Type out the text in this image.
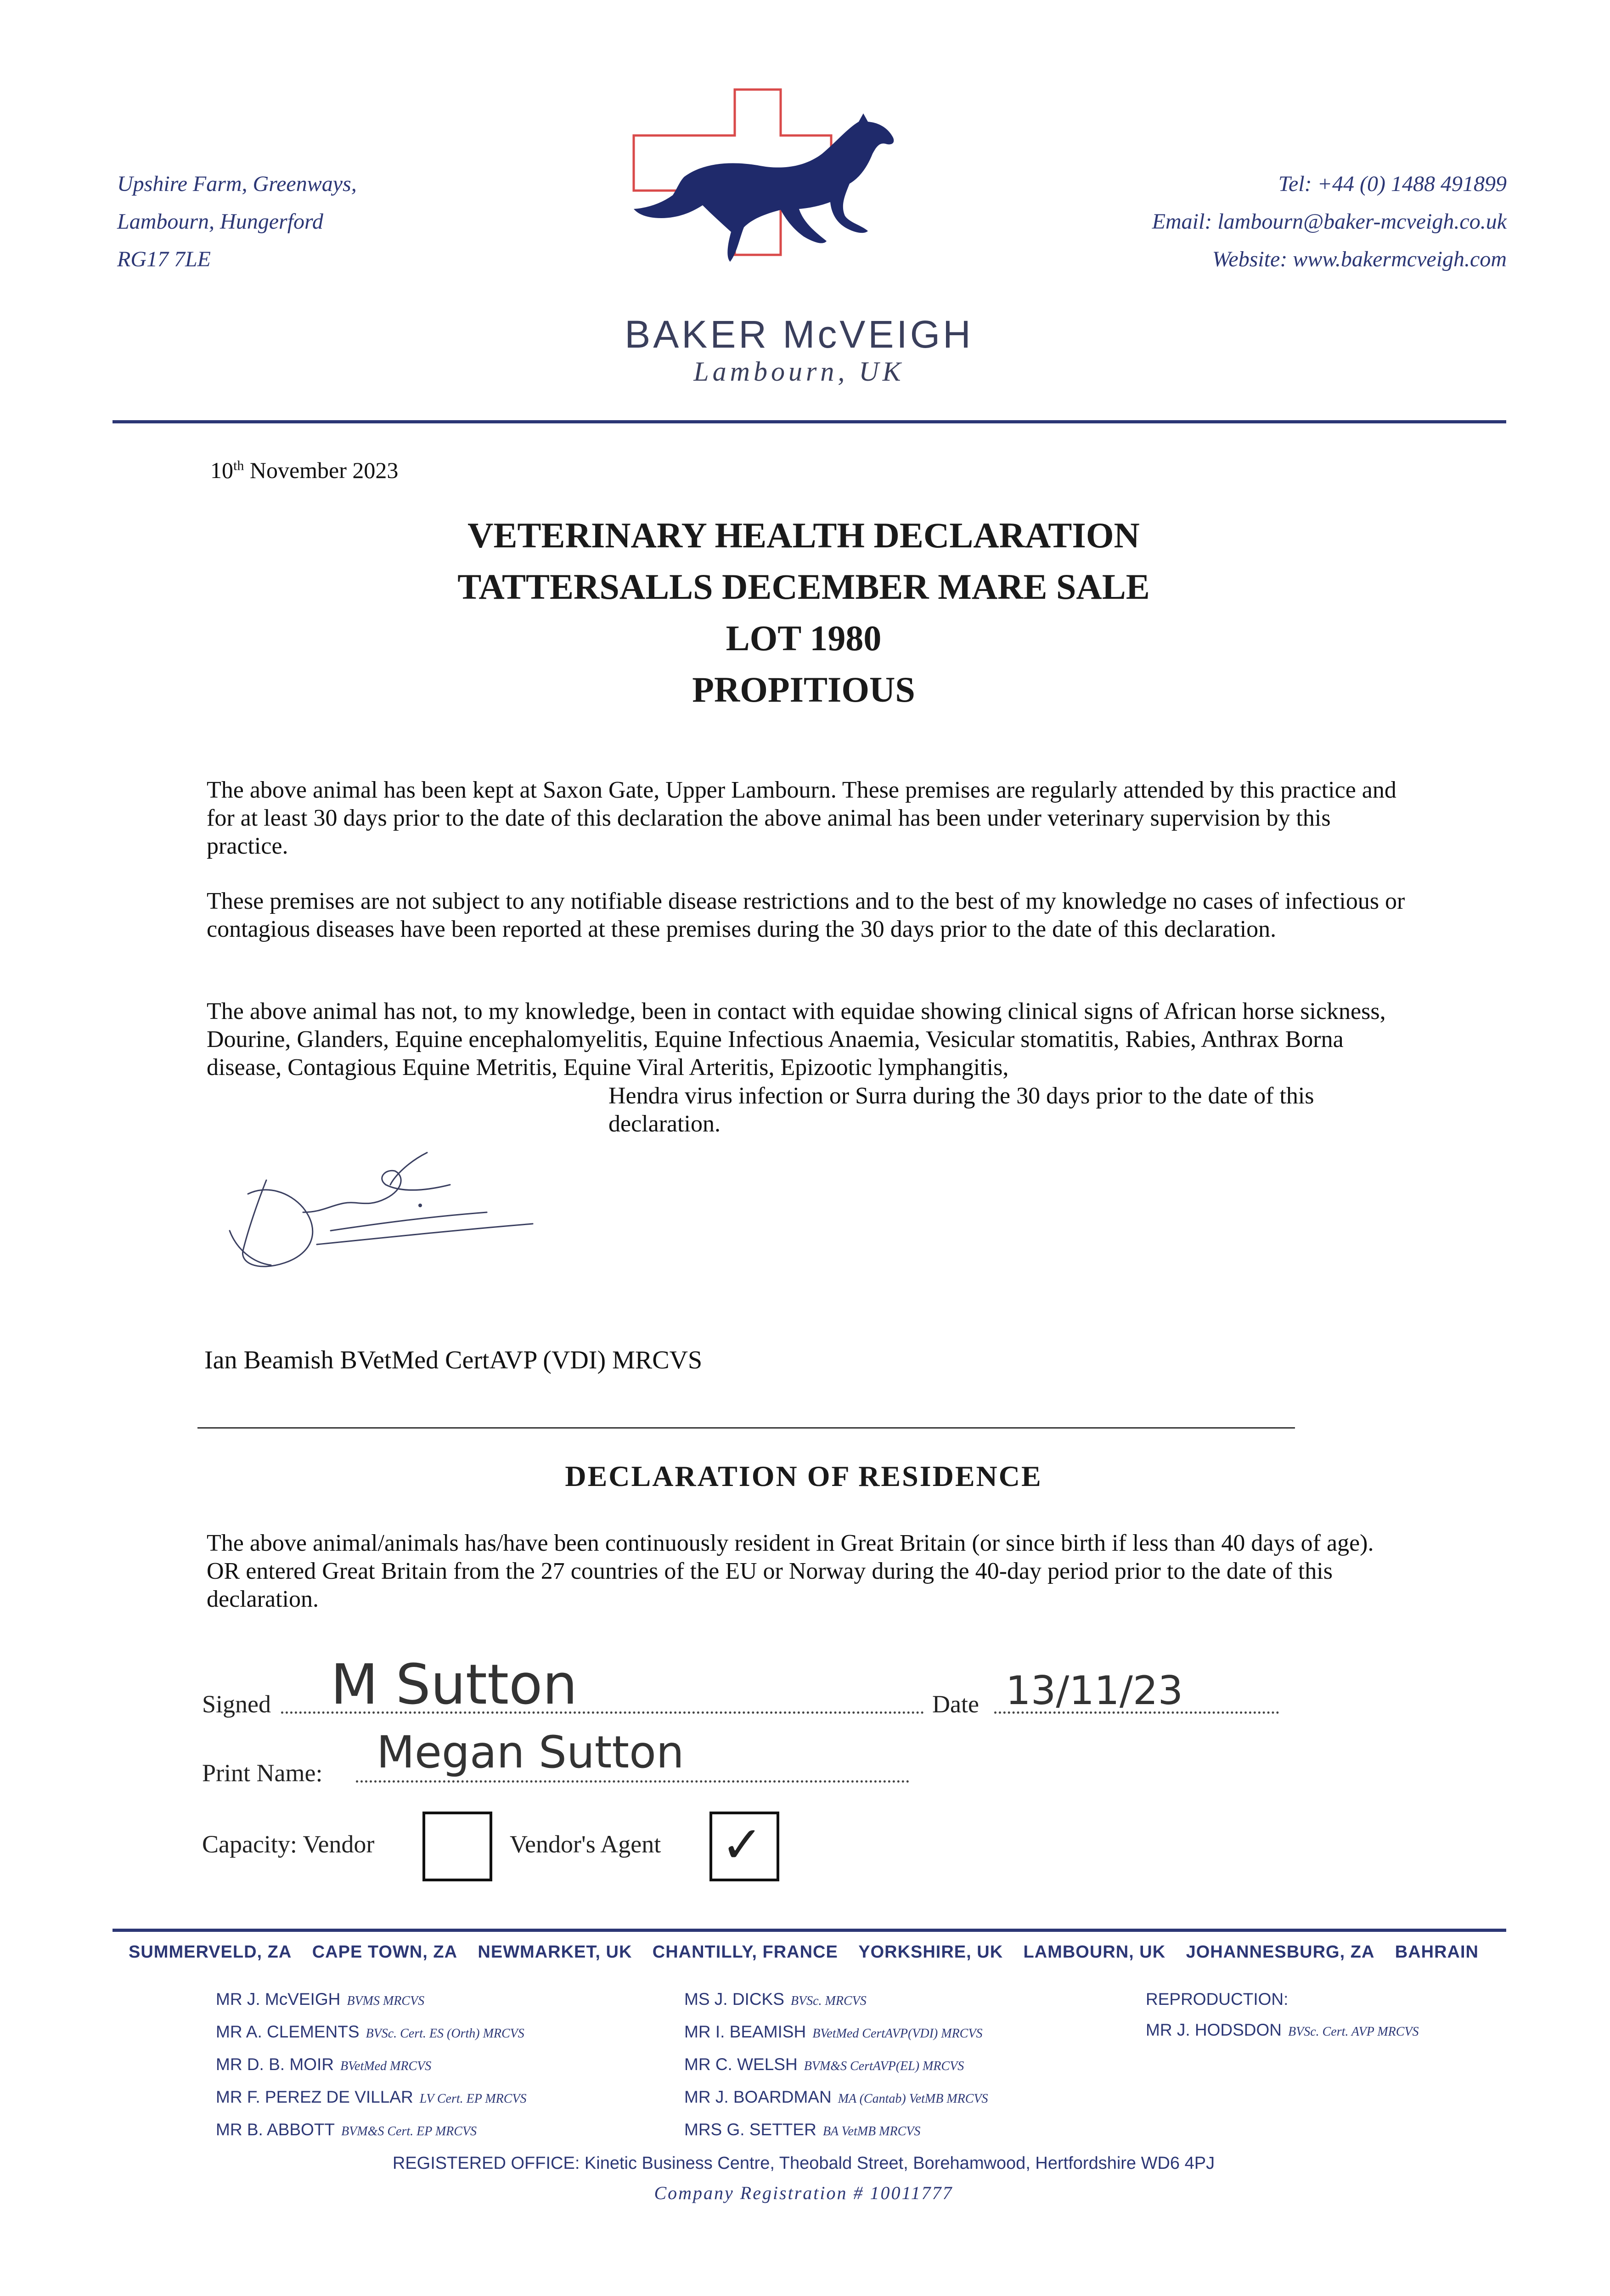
Upshire Farm, Greenways,
Lambourn, Hungerford
RG17 7LE
BAKER McVEIGH
Lambourn, UK
Tel: +44 (0) 1488 491899
Email: lambourn@baker-mcveigh.co.uk
Website: www.bakermcveigh.com
10th November 2023
VETERINARY HEALTH DECLARATION
TATTERSALLS DECEMBER MARE SALE
LOT 1980
PROPITIOUS

The above animal has been kept at Saxon Gate, Upper Lambourn. These premises are regularly attended by this practice and for at least 30 days prior to the date of this declaration the above animal has been under veterinary supervision by this practice.

These premises are not subject to any notifiable disease restrictions and to the best of my knowledge no cases of infectious or contagious diseases have been reported at these premises during the 30 days prior to the date of this declaration.

The above animal has not, to my knowledge, been in contact with equidae showing clinical signs of African horse sickness, Dourine, Glanders, Equine encephalomyelitis, Equine Infectious Anaemia, Vesicular stomatitis, Rabies, Anthrax Borna disease, Contagious Equine Metritis, Equine Viral Arteritis, Epizootic lymphangitis,

Hendra virus infection or Surra during the 30 days prior to the date of this declaration.

Ian Beamish BVetMed CertAVP (VDI) MRCVS
DECLARATION OF RESIDENCE

The above animal/animals has/have been continuously resident in Great Britain (or since birth if less than 40 days of age). OR entered Great Britain from the 27 countries of the EU or Norway during the 40-day period prior to the date of this declaration.

Signed M Sutton	Date 13/11/23
Print Name: Megan Sutton
Capacity: Vendor	Vendor's Agent ✓
SUMMERVELD, ZA CAPE TOWN, ZA NEWMARKET, UK CHANTILLY, FRANCE YORKSHIRE, UK LAMBOURN, UK JOHANNESBURG, ZA BAHRAIN
MR J. McVEIGH BVMS MRCVS
MR A. CLEMENTS BVSc. Cert. ES (Orth) MRCVS
MR D. B. MOIR BVetMed MRCVS
MR F. PEREZ DE VILLAR LV Cert. EP MRCVS
MR B. ABBOTT BVM&S Cert. EP MRCVS
MS J. DICKS BVSc. MRCVS
MR I. BEAMISH BVetMed CertAVP(VDI) MRCVS
MR C. WELSH BVM&S CertAVP(EL) MRCVS
MR J. BOARDMAN MA (Cantab) VetMB MRCVS
MRS G. SETTER BA VetMB MRCVS
REPRODUCTION:
MR J. HODSDON BVSc. Cert. AVP MRCVS
REGISTERED OFFICE: Kinetic Business Centre, Theobald Street, Borehamwood, Hertfordshire WD6 4PJ
Company Registration # 10011777
